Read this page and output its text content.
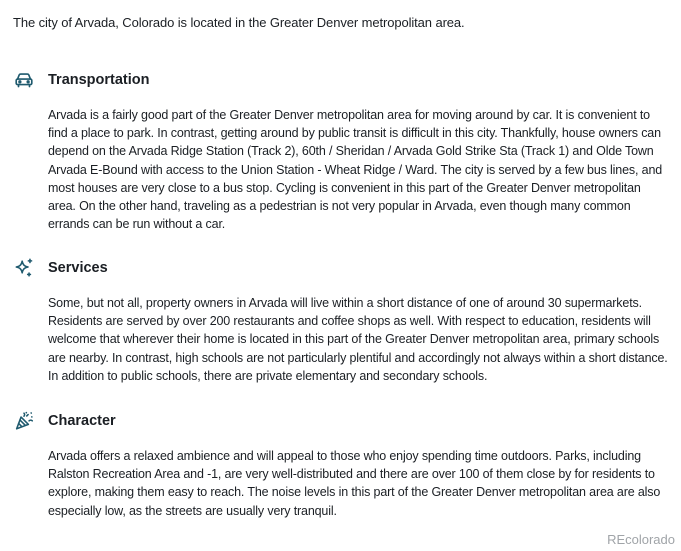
The city of Arvada, Colorado is located in the Greater Denver metropolitan area.
Transportation
Arvada is a fairly good part of the Greater Denver metropolitan area for moving around by car. It is convenient to find a place to park. In contrast, getting around by public transit is difficult in this city. Thankfully, house owners can depend on the Arvada Ridge Station (Track 2), 60th / Sheridan / Arvada Gold Strike Sta (Track 1) and Olde Town Arvada E-Bound with access to the Union Station - Wheat Ridge / Ward. The city is served by a few bus lines, and most houses are very close to a bus stop. Cycling is convenient in this part of the Greater Denver metropolitan area. On the other hand, traveling as a pedestrian is not very popular in Arvada, even though many common errands can be run without a car.
Services
Some, but not all, property owners in Arvada will live within a short distance of one of around 30 supermarkets. Residents are served by over 200 restaurants and coffee shops as well. With respect to education, residents will welcome that wherever their home is located in this part of the Greater Denver metropolitan area, primary schools are nearby. In contrast, high schools are not particularly plentiful and accordingly not always within a short distance. In addition to public schools, there are private elementary and secondary schools.
Character
Arvada offers a relaxed ambience and will appeal to those who enjoy spending time outdoors. Parks, including Ralston Recreation Area and -1, are very well-distributed and there are over 100 of them close by for residents to explore, making them easy to reach. The noise levels in this part of the Greater Denver metropolitan area are also especially low, as the streets are usually very tranquil.
REcolorado
